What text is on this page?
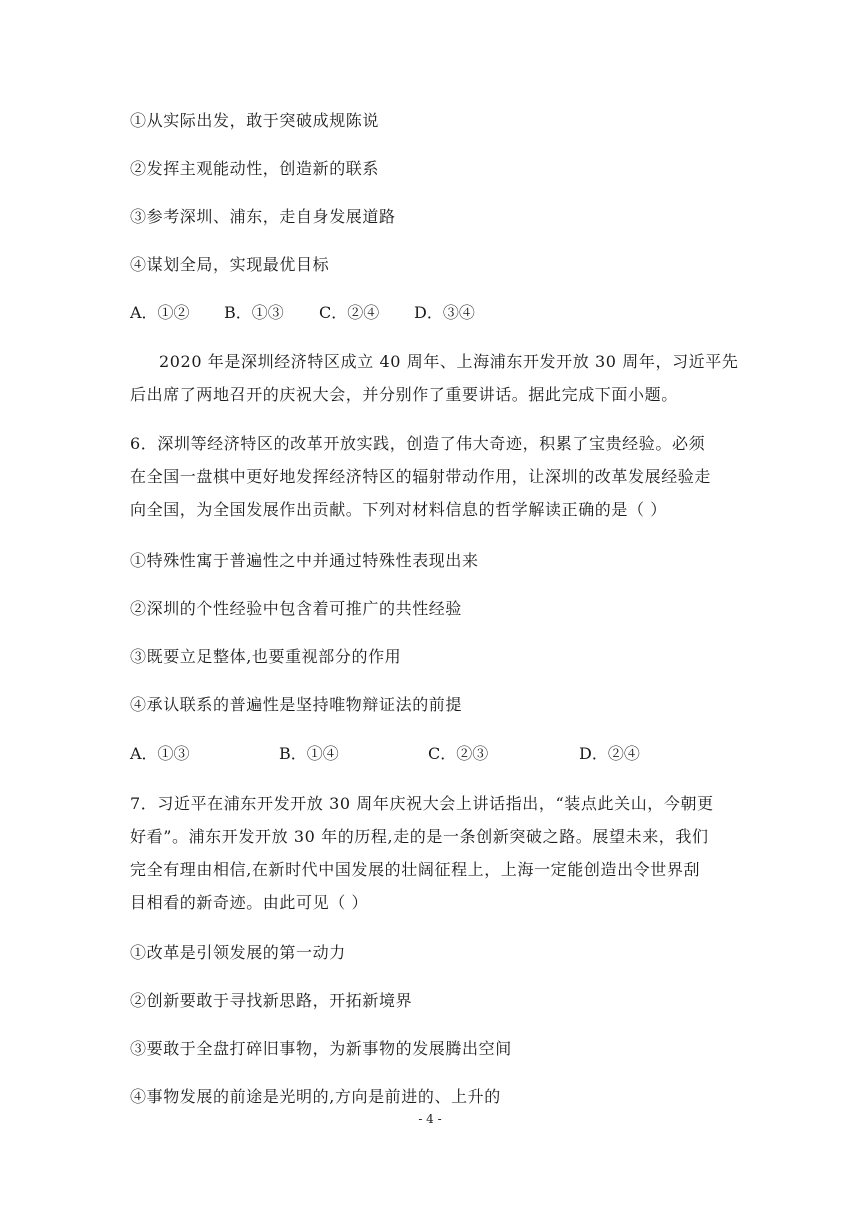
①从实际出发，敢于突破成规陈说
②发挥主观能动性，创造新的联系
③参考深圳、浦东，走自身发展道路
④谋划全局，实现最优目标
A．①② B．①③ C．②④ D．③④
2020 年是深圳经济特区成立 40 周年、上海浦东开发开放 30 周年，习近平先
后出席了两地召开的庆祝大会，并分别作了重要讲话。据此完成下面小题。
6．深圳等经济特区的改革开放实践，创造了伟大奇迹，积累了宝贵经验。必须
在全国一盘棋中更好地发挥经济特区的辐射带动作用，让深圳的改革发展经验走
向全国，为全国发展作出贡献。下列对材料信息的哲学解读正确的是（ ）
①特殊性寓于普遍性之中并通过特殊性表现出来
②深圳的个性经验中包含着可推广的共性经验
③既要立足整体,也要重视部分的作用
④承认联系的普遍性是坚持唯物辩证法的前提
A．①③	B．①④	C．②③	D．②④
7．习近平在浦东开发开放 30 周年庆祝大会上讲话指出，“装点此关山，今朝更
好看”。浦东开发开放 30 年的历程,走的是一条创新突破之路。展望未来，我们
完全有理由相信,在新时代中国发展的壮阔征程上，上海一定能创造出令世界刮
目相看的新奇迹。由此可见（ ）
①改革是引领发展的第一动力
②创新要敢于寻找新思路，开拓新境界
③要敢于全盘打碎旧事物，为新事物的发展腾出空间
④事物发展的前途是光明的,方向是前进的、上升的
- 4 -
